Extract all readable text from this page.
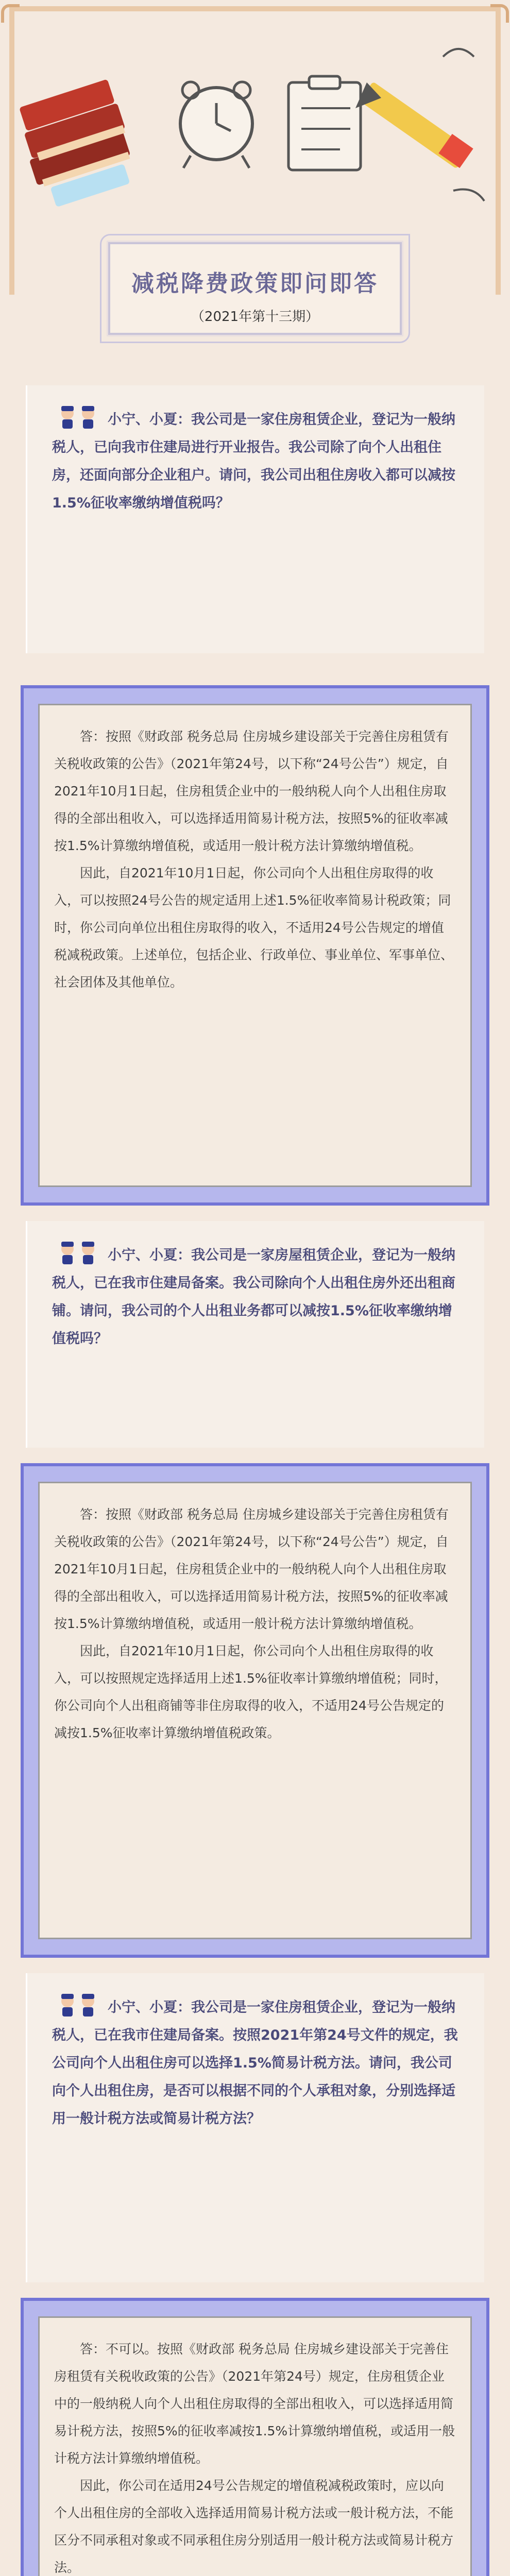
减税降费政策即问即答
（2021年第十三期）

小宁、小夏：我公司是一家住房租赁企业，登记为一般纳税人，已向我市住建局进行开业报告。我公司除了向个人出租住房，还面向部分企业租户。请问，我公司出租住房收入都可以减按1.5%征收率缴纳增值税吗？

答：按照《财政部 税务总局 住房城乡建设部关于完善住房租赁有关税收政策的公告》（2021年第24号，以下称“24号公告”）规定，自2021年10月1日起，住房租赁企业中的一般纳税人向个人出租住房取得的全部出租收入，可以选择适用简易计税方法，按照5%的征收率减按1.5%计算缴纳增值税，或适用一般计税方法计算缴纳增值税。

因此，自2021年10月1日起，你公司向个人出租住房取得的收入，可以按照24号公告的规定适用上述1.5%征收率简易计税政策；同时，你公司向单位出租住房取得的收入，不适用24号公告规定的增值税减税政策。上述单位，包括企业、行政单位、事业单位、军事单位、社会团体及其他单位。

小宁、小夏：我公司是一家房屋租赁企业，登记为一般纳税人，已在我市住建局备案。我公司除向个人出租住房外还出租商铺。请问，我公司的个人出租业务都可以减按1.5%征收率缴纳增值税吗？

答：按照《财政部 税务总局 住房城乡建设部关于完善住房租赁有关税收政策的公告》（2021年第24号，以下称“24号公告”）规定，自2021年10月1日起，住房租赁企业中的一般纳税人向个人出租住房取得的全部出租收入，可以选择适用简易计税方法，按照5%的征收率减按1.5%计算缴纳增值税，或适用一般计税方法计算缴纳增值税。

因此，自2021年10月1日起，你公司向个人出租住房取得的收入，可以按照规定选择适用上述1.5%征收率计算缴纳增值税；同时，你公司向个人出租商铺等非住房取得的收入，不适用24号公告规定的减按1.5%征收率计算缴纳增值税政策。

小宁、小夏：我公司是一家住房租赁企业，登记为一般纳税人，已在我市住建局备案。按照2021年第24号文件的规定，我公司向个人出租住房可以选择1.5%简易计税方法。请问，我公司向个人出租住房，是否可以根据不同的个人承租对象，分别选择适用一般计税方法或简易计税方法？

答：不可以。按照《财政部 税务总局 住房城乡建设部关于完善住房租赁有关税收政策的公告》（2021年第24号）规定，住房租赁企业中的一般纳税人向个人出租住房取得的全部出租收入，可以选择适用简易计税方法，按照5%的征收率减按1.5%计算缴纳增值税，或适用一般计税方法计算缴纳增值税。

因此，你公司在适用24号公告规定的增值税减税政策时，应以向个人出租住房的全部收入选择适用简易计税方法或一般计税方法，不能区分不同承租对象或不同承租住房分别适用一般计税方法或简易计税方法。
